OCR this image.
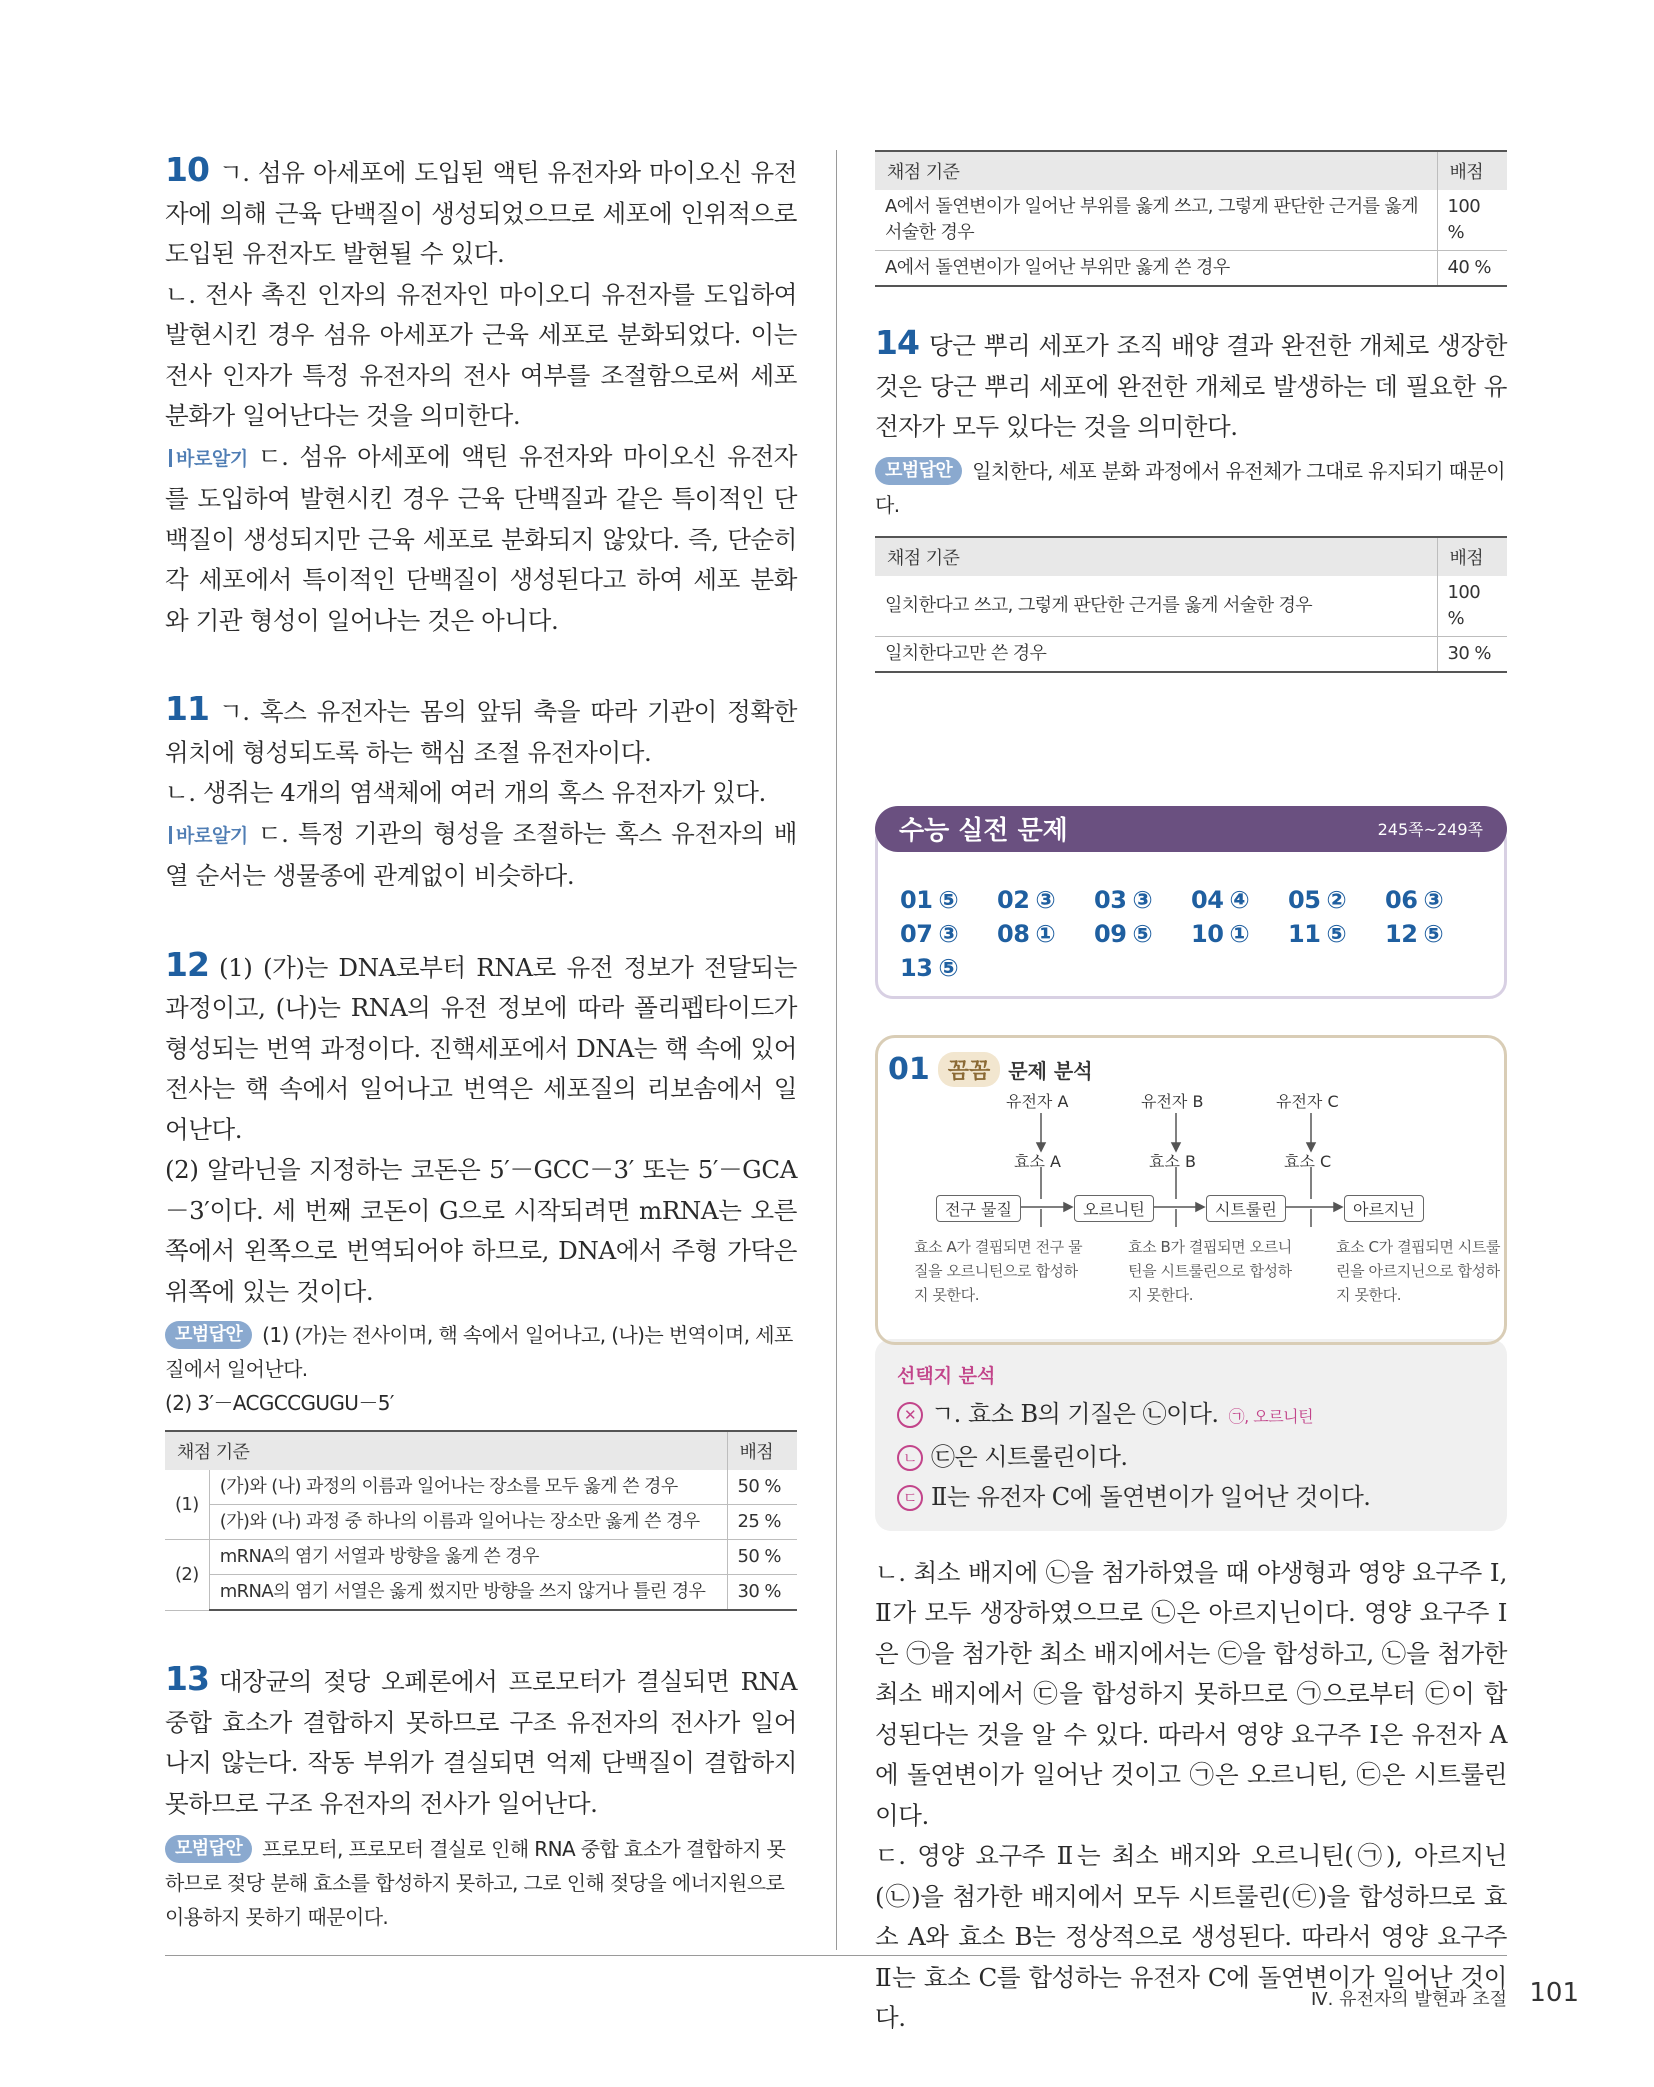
10 ㄱ. 섬유 아세포에 도입된 액틴 유전자와 마이오신 유전자에 의해 근육 단백질이 생성되었으므로 세포에 인위적으로 도입된 유전자도 발현될 수 있다.

ㄴ. 전사 촉진 인자의 유전자인 마이오디 유전자를 도입하여 발현시킨 경우 섬유 아세포가 근육 세포로 분화되었다. 이는 전사 인자가 특정 유전자의 전사 여부를 조절함으로써 세포 분화가 일어난다는 것을 의미한다.

바로알기 ㄷ. 섬유 아세포에 액틴 유전자와 마이오신 유전자를 도입하여 발현시킨 경우 근육 단백질과 같은 특이적인 단백질이 생성되지만 근육 세포로 분화되지 않았다. 즉, 단순히 각 세포에서 특이적인 단백질이 생성된다고 하여 세포 분화와 기관 형성이 일어나는 것은 아니다.

11 ㄱ. 혹스 유전자는 몸의 앞뒤 축을 따라 기관이 정확한 위치에 형성되도록 하는 핵심 조절 유전자이다.

ㄴ. 생쥐는 4개의 염색체에 여러 개의 혹스 유전자가 있다.

바로알기 ㄷ. 특정 기관의 형성을 조절하는 혹스 유전자의 배열 순서는 생물종에 관계없이 비슷하다.

12 (1) (가)는 DNA로부터 RNA로 유전 정보가 전달되는 과정이고, (나)는 RNA의 유전 정보에 따라 폴리펩타이드가 형성되는 번역 과정이다. 진핵세포에서 DNA는 핵 속에 있어 전사는 핵 속에서 일어나고 번역은 세포질의 리보솜에서 일어난다.

(2) 알라닌을 지정하는 코돈은 5′－GCC－3′ 또는 5′－GCA－3′이다. 세 번째 코돈이 G으로 시작되려면 mRNA는 오른쪽에서 왼쪽으로 번역되어야 하므로, DNA에서 주형 가닥은 위쪽에 있는 것이다.

모범답안 (1) (가)는 전사이며, 핵 속에서 일어나고, (나)는 번역이며, 세포질에서 일어난다.

(2) 3′－ACGCCGUGU－5′

채점 기준		배점
(1)	(가)와 (나) 과정의 이름과 일어나는 장소를 모두 옳게 쓴 경우	50 %
	(가)와 (나) 과정 중 하나의 이름과 일어나는 장소만 옳게 쓴 경우	25 %
(2)	mRNA의 염기 서열과 방향을 옳게 쓴 경우	50 %
	mRNA의 염기 서열은 옳게 썼지만 방향을 쓰지 않거나 틀린 경우	30 %

13 대장균의 젖당 오페론에서 프로모터가 결실되면 RNA 중합 효소가 결합하지 못하므로 구조 유전자의 전사가 일어나지 않는다. 작동 부위가 결실되면 억제 단백질이 결합하지 못하므로 구조 유전자의 전사가 일어난다.

모범답안 프로모터, 프로모터 결실로 인해 RNA 중합 효소가 결합하지 못하므로 젖당 분해 효소를 합성하지 못하고, 그로 인해 젖당을 에너지원으로 이용하지 못하기 때문이다.

채점 기준	배점
A에서 돌연변이가 일어난 부위를 옳게 쓰고, 그렇게 판단한 근거를 옳게 서술한 경우	100 %
A에서 돌연변이가 일어난 부위만 옳게 쓴 경우	40 %

14 당근 뿌리 세포가 조직 배양 결과 완전한 개체로 생장한 것은 당근 뿌리 세포에 완전한 개체로 발생하는 데 필요한 유전자가 모두 있다는 것을 의미한다.

모범답안 일치한다, 세포 분화 과정에서 유전체가 그대로 유지되기 때문이다.

채점 기준	배점
일치한다고 쓰고, 그렇게 판단한 근거를 옳게 서술한 경우	100 %
일치한다고만 쓴 경우	30 %
수능 실전 문제	245쪽~249쪽
01 ⑤	02 ③	03 ③	04 ④	05 ②	06 ③
07 ③	08 ①	09 ⑤	10 ①	11 ⑤	12 ⑤
13 ⑤
01 꼼꼼 문제 분석
유전자 A	유전자 B	유전자 C
효소 A	효소 B	효소 C
전구 물질	오르니틴	시트룰린	아르지닌
효소 A가 결핍되면 전구 물질을 오르니틴으로 합성하지 못한다.
효소 B가 결핍되면 오르니틴을 시트룰린으로 합성하지 못한다.
효소 C가 결핍되면 시트룰린을 아르지닌으로 합성하지 못한다.
선택지 분석
✕ ㄱ. 효소 B의 기질은 ㉡이다. ㉠, 오르니틴
ㄴ ㉢은 시트룰린이다.
ㄷ Ⅱ는 유전자 C에 돌연변이가 일어난 것이다.

ㄴ. 최소 배지에 ㉡을 첨가하였을 때 야생형과 영양 요구주 Ⅰ, Ⅱ가 모두 생장하였으므로 ㉡은 아르지닌이다. 영양 요구주 Ⅰ은 ㉠을 첨가한 최소 배지에서는 ㉢을 합성하고, ㉡을 첨가한 최소 배지에서 ㉢을 합성하지 못하므로 ㉠으로부터 ㉢이 합성된다는 것을 알 수 있다. 따라서 영양 요구주 Ⅰ은 유전자 A에 돌연변이가 일어난 것이고 ㉠은 오르니틴, ㉢은 시트룰린이다.

ㄷ. 영양 요구주 Ⅱ는 최소 배지와 오르니틴(㉠), 아르지닌(㉡)을 첨가한 배지에서 모두 시트룰린(㉢)을 합성하므로 효소 A와 효소 B는 정상적으로 생성된다. 따라서 영양 요구주 Ⅱ는 효소 C를 합성하는 유전자 C에 돌연변이가 일어난 것이다.

Ⅳ. 유전자의 발현과 조절 101
